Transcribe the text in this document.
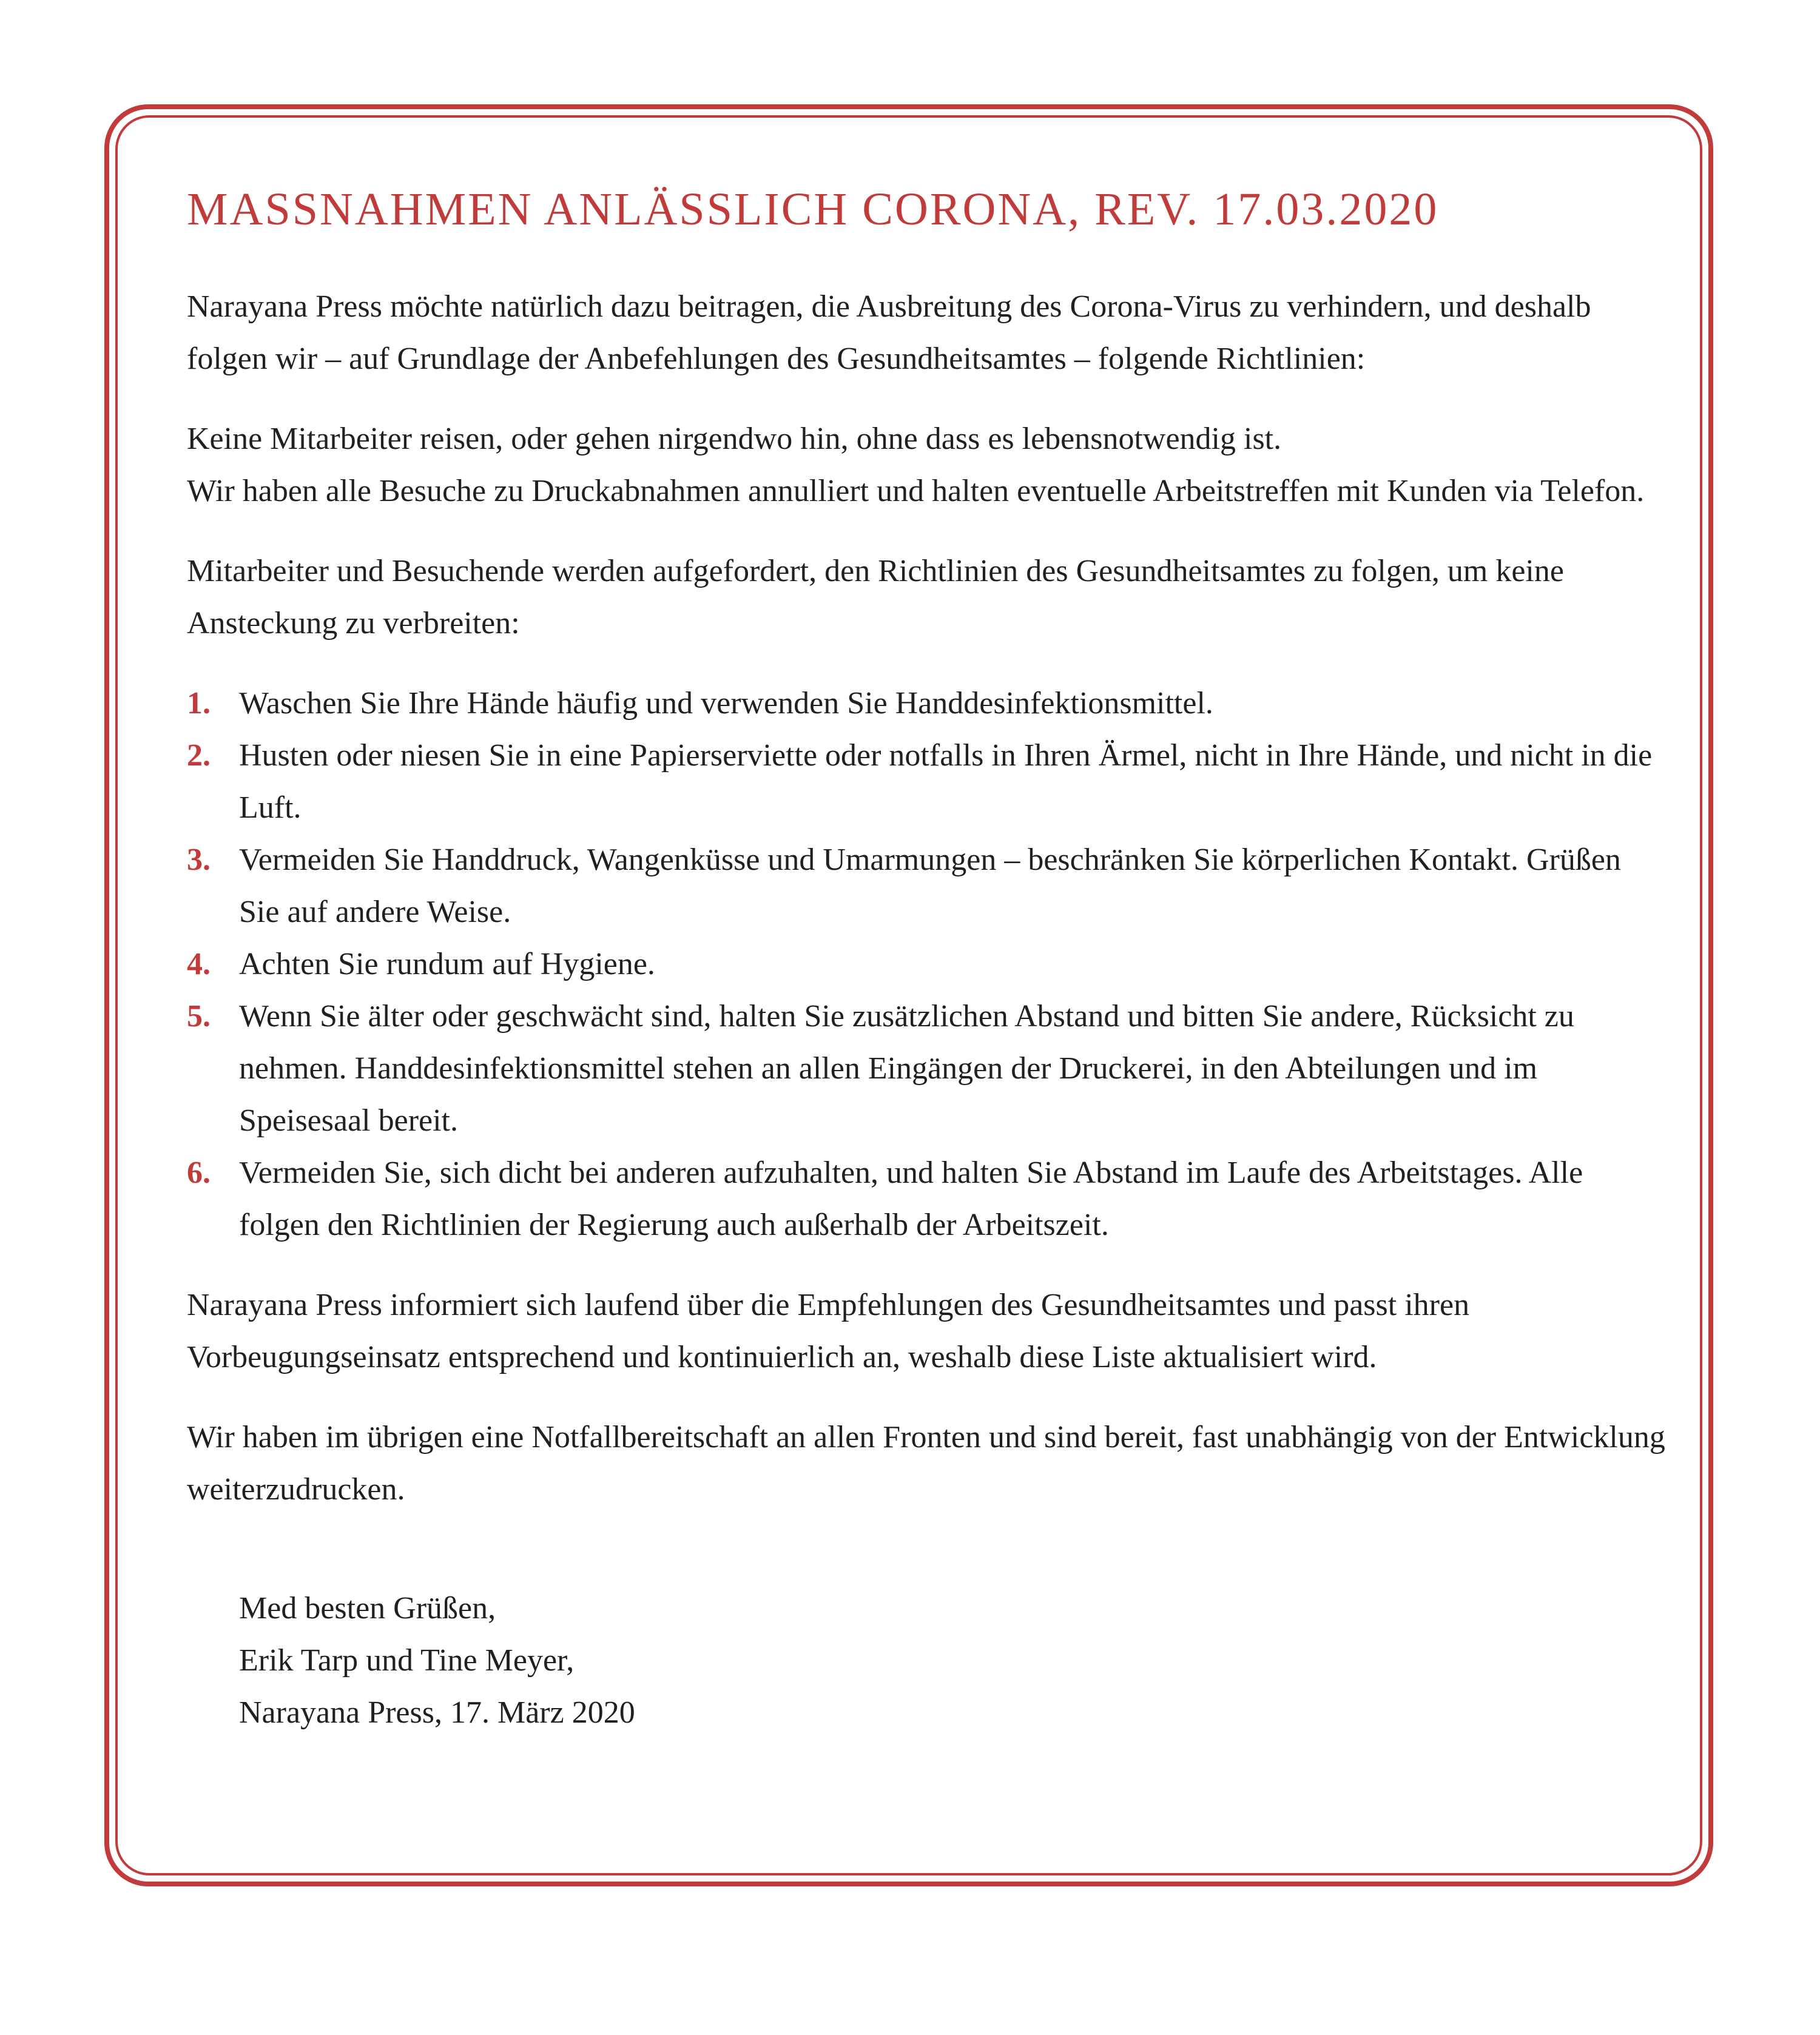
MASSNAHMEN ANLÄSSLICH CORONA, REV. 17.03.2020

Narayana Press möchte natürlich dazu beitragen, die Ausbreitung des Corona-Virus zu verhindern, und deshalb folgen wir – auf Grundlage der Anbefehlungen des Gesundheitsamtes – folgende Richtlinien:

Keine Mitarbeiter reisen, oder gehen nirgendwo hin, ohne dass es lebensnotwendig ist.

Wir haben alle Besuche zu Druckabnahmen annulliert und halten eventuelle Arbeitstreffen mit Kunden via Telefon.

Mitarbeiter und Besuchende werden aufgefordert, den Richtlinien des Gesundheitsamtes zu folgen, um keine Ansteckung zu verbreiten:

1. Waschen Sie Ihre Hände häufig und verwenden Sie Handdesinfektionsmittel.
2. Husten oder niesen Sie in eine Papierserviette oder notfalls in Ihren Ärmel, nicht in Ihre Hände, und nicht in die Luft.
3. Vermeiden Sie Handdruck, Wangenküsse und Umarmungen – beschränken Sie körperlichen Kontakt. Grüßen Sie auf andere Weise.
4. Achten Sie rundum auf Hygiene.
5. Wenn Sie älter oder geschwächt sind, halten Sie zusätzlichen Abstand und bitten Sie andere, Rücksicht zu nehmen. Handdesinfektionsmittel stehen an allen Eingängen der Druckerei, in den Abteilungen und im Speisesaal bereit.
6. Vermeiden Sie, sich dicht bei anderen aufzuhalten, und halten Sie Abstand im Laufe des Arbeitstages. Alle folgen den Richtlinien der Regierung auch außerhalb der Arbeitszeit.

Narayana Press informiert sich laufend über die Empfehlungen des Gesundheitsamtes und passt ihren Vorbeugungseinsatz entsprechend und kontinuierlich an, weshalb diese Liste aktualisiert wird.

Wir haben im übrigen eine Notfallbereitschaft an allen Fronten und sind bereit, fast unabhängig von der Entwicklung weiterzudrucken.

Med besten Grüßen,
Erik Tarp und Tine Meyer,
Narayana Press, 17. März 2020
